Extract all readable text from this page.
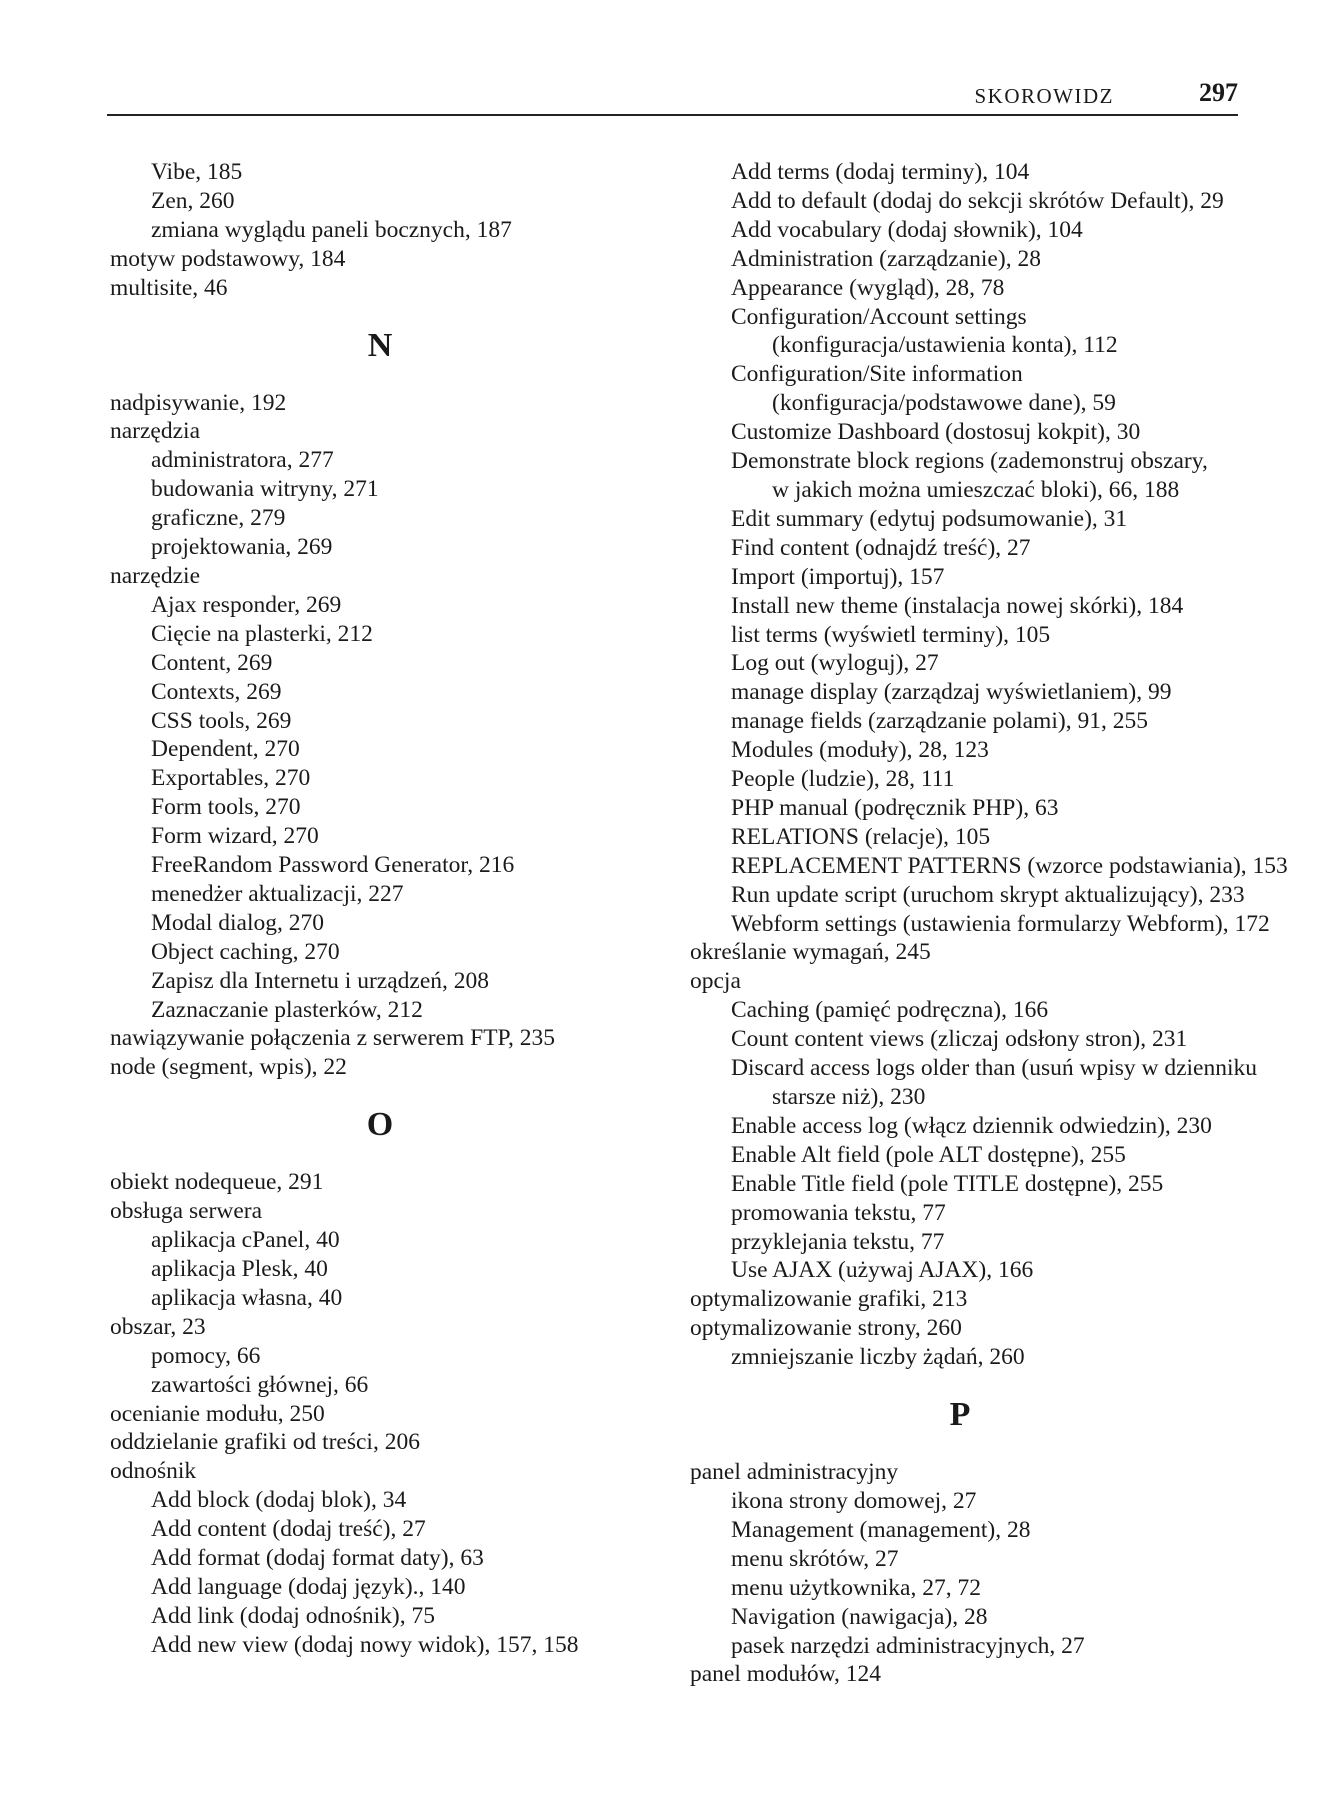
SKOROWIDZ	297
Vibe, 185
Zen, 260
zmiana wyglądu paneli bocznych, 187
motyw podstawowy, 184
multisite, 46
N
nadpisywanie, 192
narzędzia
administratora, 277
budowania witryny, 271
graficzne, 279
projektowania, 269
narzędzie
Ajax responder, 269
Cięcie na plasterki, 212
Content, 269
Contexts, 269
CSS tools, 269
Dependent, 270
Exportables, 270
Form tools, 270
Form wizard, 270
FreeRandom Password Generator, 216
menedżer aktualizacji, 227
Modal dialog, 270
Object caching, 270
Zapisz dla Internetu i urządzeń, 208
Zaznaczanie plasterków, 212
nawiązywanie połączenia z serwerem FTP, 235
node (segment, wpis), 22
O
obiekt nodequeue, 291
obsługa serwera
aplikacja cPanel, 40
aplikacja Plesk, 40
aplikacja własna, 40
obszar, 23
pomocy, 66
zawartości głównej, 66
ocenianie modułu, 250
oddzielanie grafiki od treści, 206
odnośnik
Add block (dodaj blok), 34
Add content (dodaj treść), 27
Add format (dodaj format daty), 63
Add language (dodaj język)., 140
Add link (dodaj odnośnik), 75
Add new view (dodaj nowy widok), 157, 158
Add terms (dodaj terminy), 104
Add to default (dodaj do sekcji skrótów Default), 29
Add vocabulary (dodaj słownik), 104
Administration (zarządzanie), 28
Appearance (wygląd), 28, 78
Configuration/Account settings
(konfiguracja/ustawienia konta), 112
Configuration/Site information
(konfiguracja/podstawowe dane), 59
Customize Dashboard (dostosuj kokpit), 30
Demonstrate block regions (zademonstruj obszary,
w jakich można umieszczać bloki), 66, 188
Edit summary (edytuj podsumowanie), 31
Find content (odnajdź treść), 27
Import (importuj), 157
Install new theme (instalacja nowej skórki), 184
list terms (wyświetl terminy), 105
Log out (wyloguj), 27
manage display (zarządzaj wyświetlaniem), 99
manage fields (zarządzanie polami), 91, 255
Modules (moduły), 28, 123
People (ludzie), 28, 111
PHP manual (podręcznik PHP), 63
RELATIONS (relacje), 105
REPLACEMENT PATTERNS (wzorce podstawiania), 153
Run update script (uruchom skrypt aktualizujący), 233
Webform settings (ustawienia formularzy Webform), 172
określanie wymagań, 245
opcja
Caching (pamięć podręczna), 166
Count content views (zliczaj odsłony stron), 231
Discard access logs older than (usuń wpisy w dzienniku
starsze niż), 230
Enable access log (włącz dziennik odwiedzin), 230
Enable Alt field (pole ALT dostępne), 255
Enable Title field (pole TITLE dostępne), 255
promowania tekstu, 77
przyklejania tekstu, 77
Use AJAX (używaj AJAX), 166
optymalizowanie grafiki, 213
optymalizowanie strony, 260
zmniejszanie liczby żądań, 260
P
panel administracyjny
ikona strony domowej, 27
Management (management), 28
menu skrótów, 27
menu użytkownika, 27, 72
Navigation (nawigacja), 28
pasek narzędzi administracyjnych, 27
panel modułów, 124
